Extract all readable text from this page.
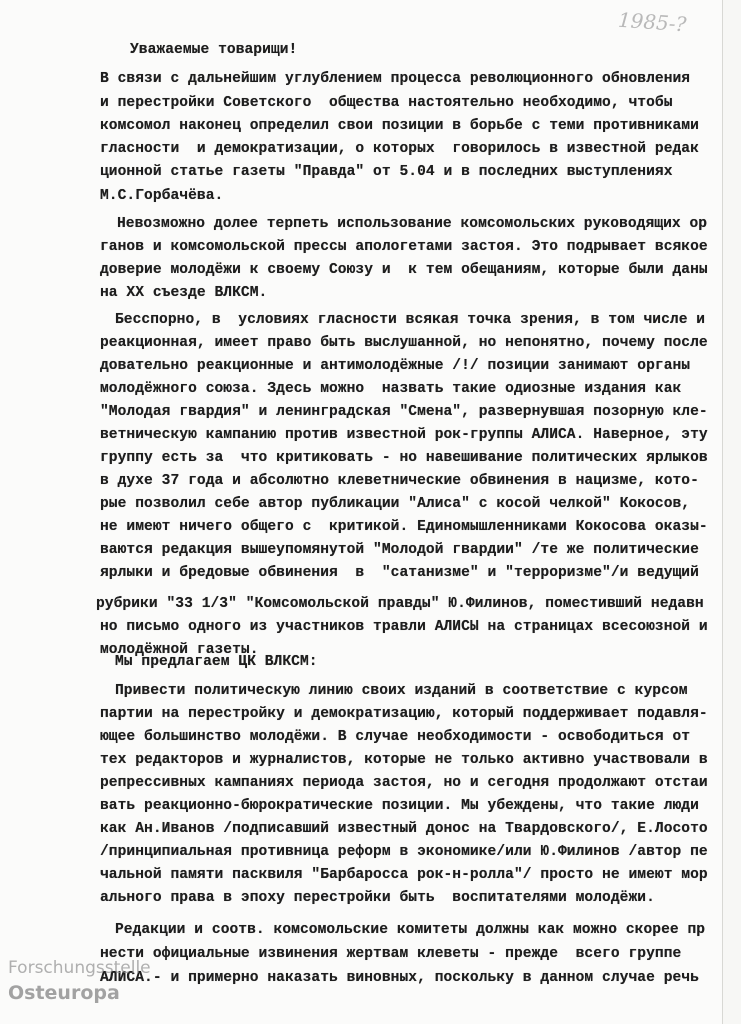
1985-?
Уважаемые товарищи!
В связи с дальнейшим углублением процесса революционного обновления
и перестройки Советского  общества настоятельно необходимо, чтобы
комсомол наконец определил свои позиции в борьбе с теми противниками
гласности  и демократизации, о которых  говорилось в известной редак
ционной статье газеты "Правда" от 5.04 и в последних выступлениях
М.С.Горбачёва.
Невозможно долее терпеть использование комсомольских руководящих ор
ганов и комсомольской прессы апологетами застоя. Это подрывает всякое
доверие молодёжи к своему Союзу и  к тем обещаниям, которые были даны
на XX съезде ВЛКСМ.
Бесспорно, в  условиях гласности всякая точка зрения, в том числе и
реакционная, имеет право быть выслушанной, но непонятно, почему после
довательно реакционные и антимолодёжные /!/ позиции занимают органы
молодёжного союза. Здесь можно  назвать такие одиозные издания как
"Молодая гвардия" и ленинградская "Смена", развернувшая позорную кле-
ветническую кампанию против известной рок-группы АЛИСА. Наверное, эту
группу есть за  что критиковать - но навешивание политических ярлыков
в духе 37 года и абсолютно клеветнические обвинения в нацизме, кото-
рые позволил себе автор публикации "Алиса" с косой челкой" Кокосов,
не имеют ничего общего с  критикой. Единомышленниками Кокосова оказы-
ваются редакция вышеупомянутой "Молодой гвардии" /те же политические
ярлыки и бредовые обвинения  в  "сатанизме" и "терроризме"/и ведущий
рубрики "33 1/3" "Комсомольской правды" Ю.Филинов, поместивший недавн
но письмо одного из участников травли АЛИСЫ на страницах всесоюзной и
молодёжной газеты.
Мы предлагаем ЦК ВЛКСМ:
Привести политическую линию своих изданий в соответствие с курсом
партии на перестройку и демократизацию, который поддерживает подавля-
ющее большинство молодёжи. В случае необходимости - освободиться от
тех редакторов и журналистов, которые не только активно участвовали в
репрессивных кампаниях периода застоя, но и сегодня продолжают отстаи
вать реакционно-бюрократические позиции. Мы убеждены, что такие люди
как Ан.Иванов /подписавший известный донос на Твардовского/, Е.Лосото
/принципиальная противница реформ в экономике/или Ю.Филинов /автор пе
чальной памяти пасквиля "Барбаросса рок-н-ролла"/ просто не имеют мор
ального права в эпоху перестройки быть  воспитателями молодёжи.
Редакции и соотв. комсомольские комитеты должны как можно скорее пр
нести официальные извинения жертвам клеветы - прежде  всего группе
АЛИСА.- и примерно наказать виновных, поскольку в данном случае речь
Forschungsstelle
Osteuropa
